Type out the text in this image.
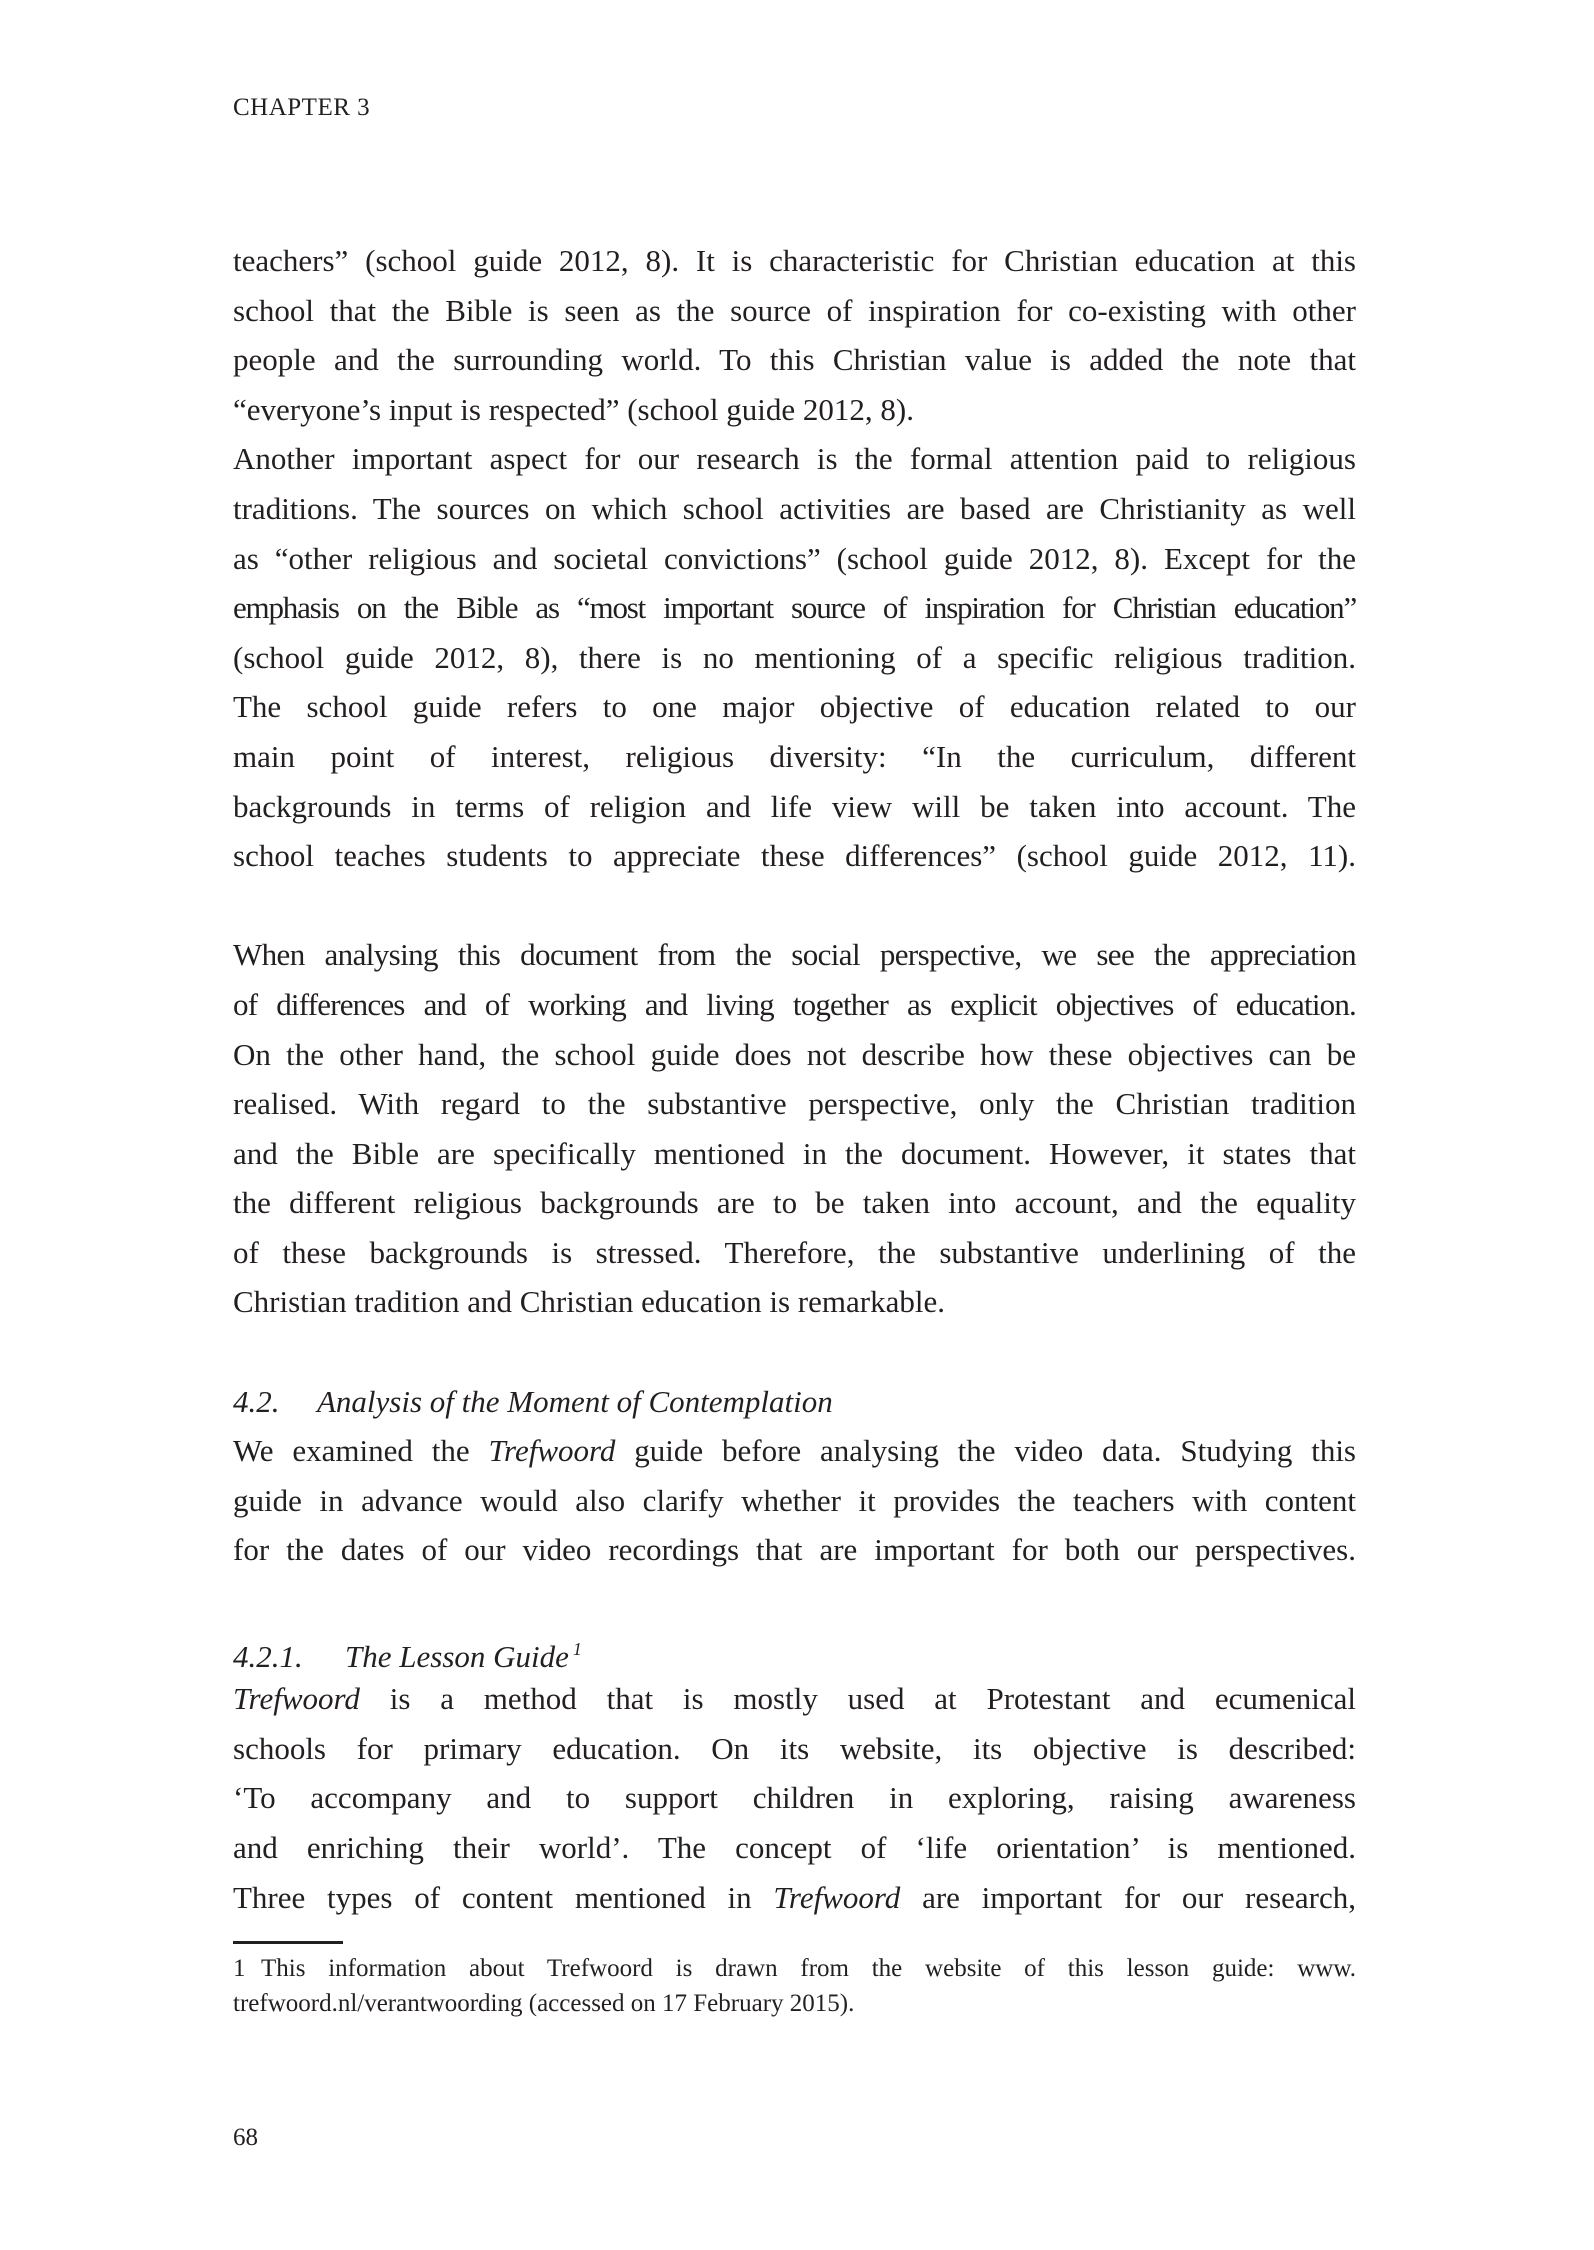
CHAPTER 3
teachers” (school guide 2012, 8). It is characteristic for Christian education at this
school that the Bible is seen as the source of inspiration for co-existing with other
people and the surrounding world. To this Christian value is added the note that
“everyone’s input is respected” (school guide 2012, 8).
Another important aspect for our research is the formal attention paid to religious
traditions. The sources on which school activities are based are Christianity as well
as “other religious and societal convictions” (school guide 2012, 8). Except for the
emphasis on the Bible as “most important source of inspiration for Christian education”
(school guide 2012, 8), there is no mentioning of a specific religious tradition.
The school guide refers to one major objective of education related to our
main point of interest, religious diversity: “In the curriculum, different
backgrounds in terms of religion and life view will be taken into account. The
school teaches students to appreciate these differences” (school guide 2012, 11).
When analysing this document from the social perspective, we see the appreciation
of differences and of working and living together as explicit objectives of education.
On the other hand, the school guide does not describe how these objectives can be
realised. With regard to the substantive perspective, only the Christian tradition
and the Bible are specifically mentioned in the document. However, it states that
the different religious backgrounds are to be taken into account, and the equality
of these backgrounds is stressed. Therefore, the substantive underlining of the
Christian tradition and Christian education is remarkable.
4.2. Analysis of the Moment of Contemplation
We examined the Trefwoord guide before analysing the video data. Studying this
guide in advance would also clarify whether it provides the teachers with content
for the dates of our video recordings that are important for both our perspectives.
4.2.1. The Lesson Guide $^1$
Trefwoord is a method that is mostly used at Protestant and ecumenical
schools for primary education. On its website, its objective is described:
‘To accompany and to support children in exploring, raising awareness
and enriching their world’. The concept of ‘life orientation’ is mentioned.
Three types of content mentioned in Trefwoord are important for our research,
1 This information about Trefwoord is drawn from the website of this lesson guide: www.
trefwoord.nl/verantwoording (accessed on 17 February 2015).
68
